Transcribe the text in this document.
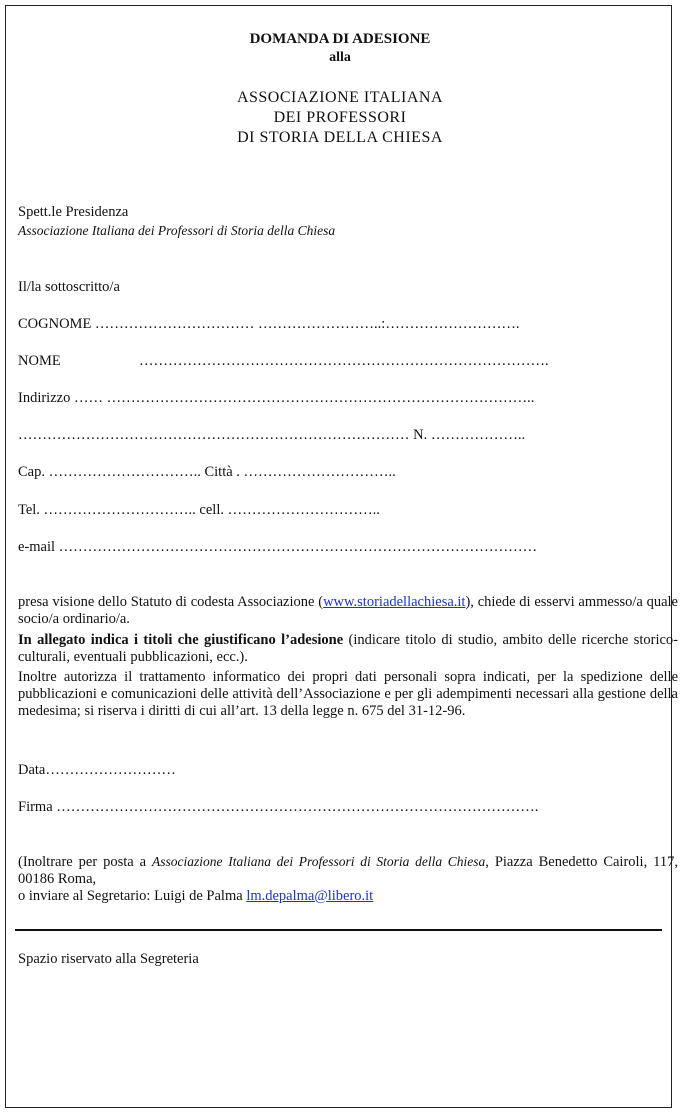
DOMANDA DI ADESIONE
alla
ASSOCIAZIONE ITALIANA
DEI PROFESSORI
DI STORIA DELLA CHIESA
Spett.le Presidenza
Associazione Italiana dei Professori di Storia della Chiesa
Il/la sottoscritto/a
COGNOME …………………………… ……………………..:……………………….
NOME	………………………………………………………………………….
Indirizzo …… ……………………………………………………………………………..
……………………………………………………………………… N. ………………..
Cap. ………………………….. Città . …………………………..
Tel. ………………………….. cell. …………………………..
e-mail ………………………………………………………………………………………
presa visione dello Statuto di codesta Associazione (www.storiadellachiesa.it), chiede di esservi ammesso/a quale socio/a ordinario/a.
In allegato indica i titoli che giustificano l’adesione (indicare titolo di studio, ambito delle ricerche storico-culturali, eventuali pubblicazioni, ecc.).
Inoltre autorizza il trattamento informatico dei propri dati personali sopra indicati, per la spedizione delle pubblicazioni e comunicazioni delle attività dell’Associazione e per gli adempimenti necessari alla gestione della medesima; si riserva i diritti di cui all’art. 13 della legge n. 675 del 31-12-96.
Data………………………
Firma ……………………………………………………………………………………….
(Inoltrare per posta a Associazione Italiana dei Professori di Storia della Chiesa, Piazza Benedetto Cairoli, 117, 00186 Roma,
o inviare al Segretario: Luigi de Palma lm.depalma@libero.it
Spazio riservato alla Segreteria
